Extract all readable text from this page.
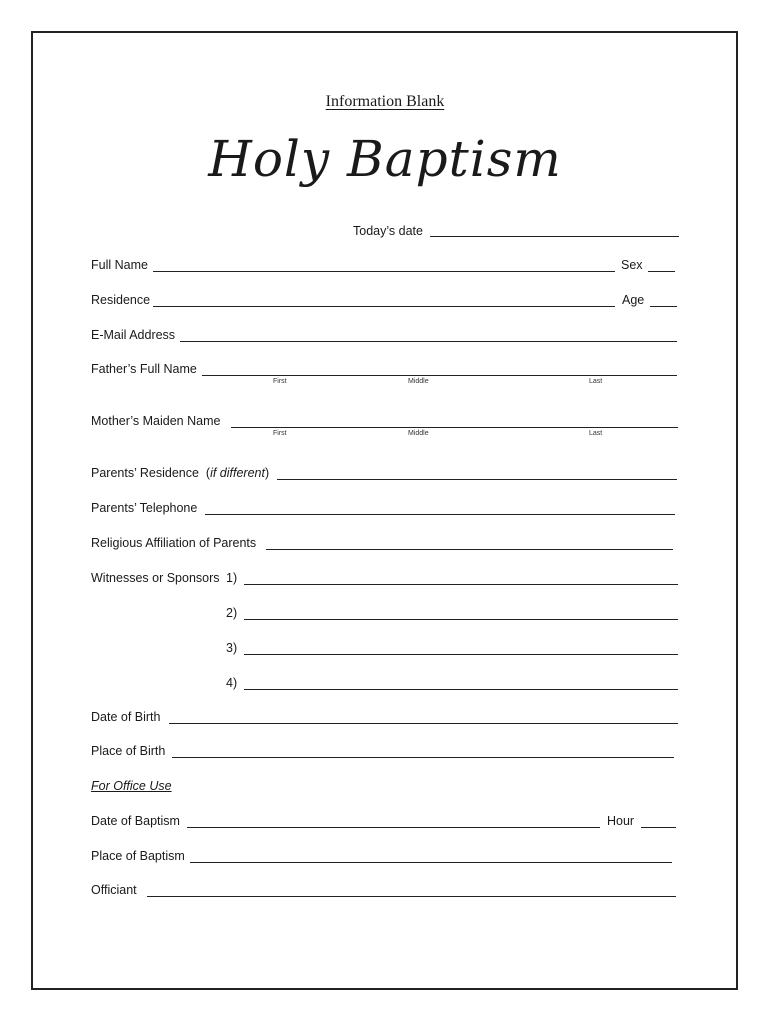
Information Blank
Holy Baptism
Today’s date
Full Name	Sex
Residence	Age
E-Mail Address
Father’s Full Name
First	Middle	Last
Mother’s Maiden Name
First	Middle	Last
Parents’ Residence (if different)
Parents’ Telephone
Religious Affiliation of Parents
Witnesses or Sponsors 1)
2)
3)
4)
Date of Birth
Place of Birth
For Office Use
Date of Baptism	Hour
Place of Baptism
Officiant
